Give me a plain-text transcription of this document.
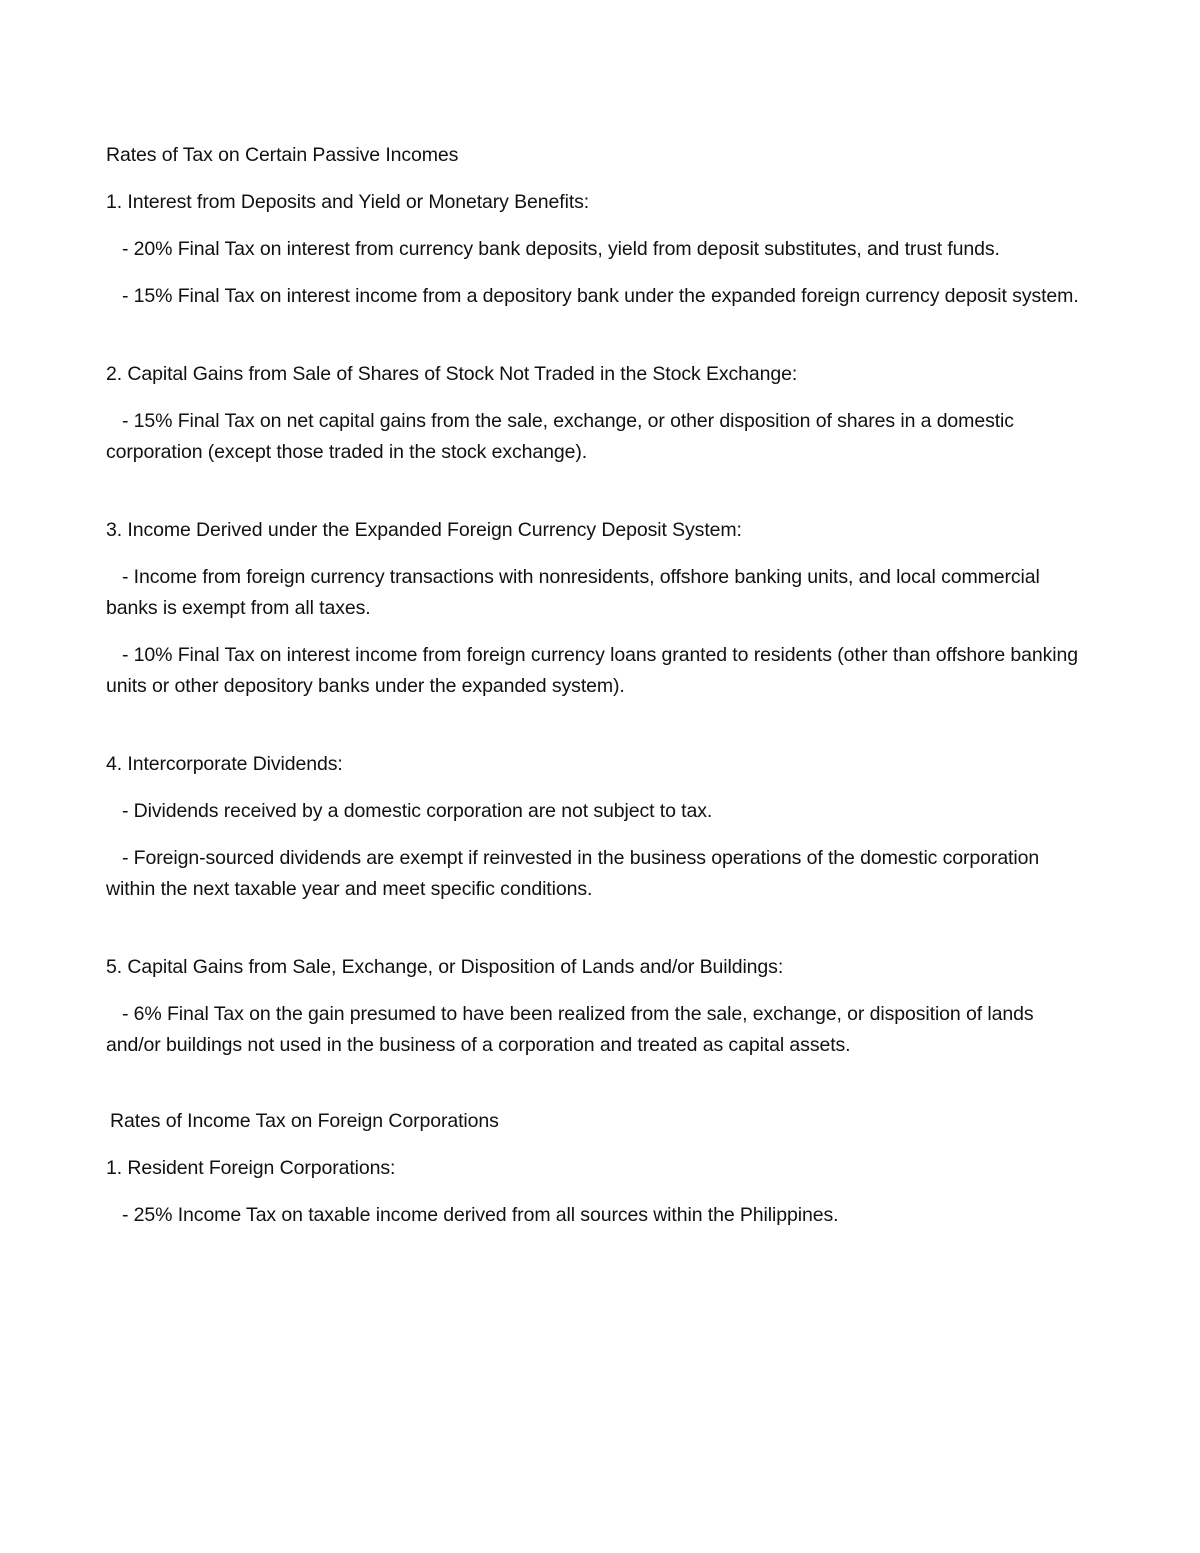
Rates of Tax on Certain Passive Incomes

1. Interest from Deposits and Yield or Monetary Benefits:

- 20% Final Tax on interest from currency bank deposits, yield from deposit substitutes, and trust funds.

- 15% Final Tax on interest income from a depository bank under the expanded foreign currency deposit system.

2. Capital Gains from Sale of Shares of Stock Not Traded in the Stock Exchange:

- 15% Final Tax on net capital gains from the sale, exchange, or other disposition of shares in a domestic corporation (except those traded in the stock exchange).

3. Income Derived under the Expanded Foreign Currency Deposit System:

- Income from foreign currency transactions with nonresidents, offshore banking units, and local commercial banks is exempt from all taxes.

- 10% Final Tax on interest income from foreign currency loans granted to residents (other than offshore banking units or other depository banks under the expanded system).

4. Intercorporate Dividends:

- Dividends received by a domestic corporation are not subject to tax.

- Foreign-sourced dividends are exempt if reinvested in the business operations of the domestic corporation within the next taxable year and meet specific conditions.

5. Capital Gains from Sale, Exchange, or Disposition of Lands and/or Buildings:

- 6% Final Tax on the gain presumed to have been realized from the sale, exchange, or disposition of lands and/or buildings not used in the business of a corporation and treated as capital assets.

Rates of Income Tax on Foreign Corporations

1. Resident Foreign Corporations:

- 25% Income Tax on taxable income derived from all sources within the Philippines.
